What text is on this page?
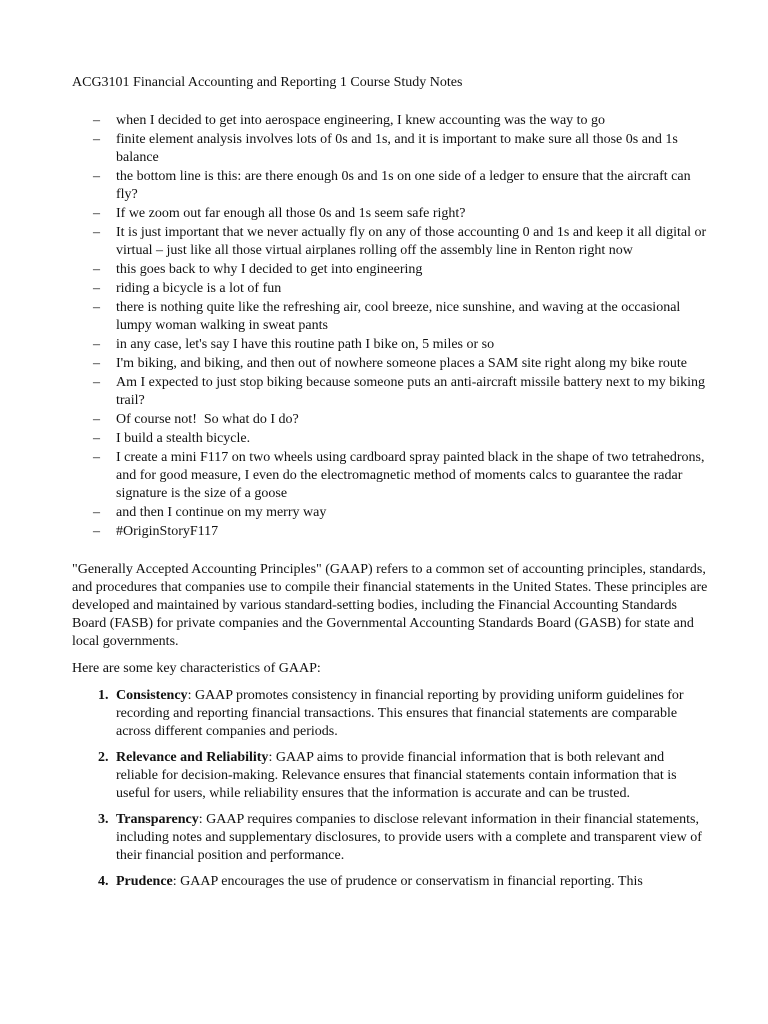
ACG3101 Financial Accounting and Reporting 1 Course Study Notes
– when I decided to get into aerospace engineering, I knew accounting was the way to go
– finite element analysis involves lots of 0s and 1s, and it is important to make sure all those 0s and 1s balance
– the bottom line is this: are there enough 0s and 1s on one side of a ledger to ensure that the aircraft can fly?
– If we zoom out far enough all those 0s and 1s seem safe right?
– It is just important that we never actually fly on any of those accounting 0 and 1s and keep it all digital or virtual – just like all those virtual airplanes rolling off the assembly line in Renton right now
– this goes back to why I decided to get into engineering
– riding a bicycle is a lot of fun
– there is nothing quite like the refreshing air, cool breeze, nice sunshine, and waving at the occasional lumpy woman walking in sweat pants
– in any case, let's say I have this routine path I bike on, 5 miles or so
– I'm biking, and biking, and then out of nowhere someone places a SAM site right along my bike route
– Am I expected to just stop biking because someone puts an anti-aircraft missile battery next to my biking trail?
– Of course not!  So what do I do?
– I build a stealth bicycle.
– I create a mini F117 on two wheels using cardboard spray painted black in the shape of two tetrahedrons, and for good measure, I even do the electromagnetic method of moments calcs to guarantee the radar signature is the size of a goose
– and then I continue on my merry way
– #OriginStoryF117

"Generally Accepted Accounting Principles" (GAAP) refers to a common set of accounting principles, standards, and procedures that companies use to compile their financial statements in the United States. These principles are developed and maintained by various standard-setting bodies, including the Financial Accounting Standards Board (FASB) for private companies and the Governmental Accounting Standards Board (GASB) for state and local governments.

Here are some key characteristics of GAAP:

1. Consistency: GAAP promotes consistency in financial reporting by providing uniform guidelines for recording and reporting financial transactions. This ensures that financial statements are comparable across different companies and periods.
2. Relevance and Reliability: GAAP aims to provide financial information that is both relevant and reliable for decision-making. Relevance ensures that financial statements contain information that is useful for users, while reliability ensures that the information is accurate and can be trusted.
3. Transparency: GAAP requires companies to disclose relevant information in their financial statements, including notes and supplementary disclosures, to provide users with a complete and transparent view of their financial position and performance.
4. Prudence: GAAP encourages the use of prudence or conservatism in financial reporting. This
